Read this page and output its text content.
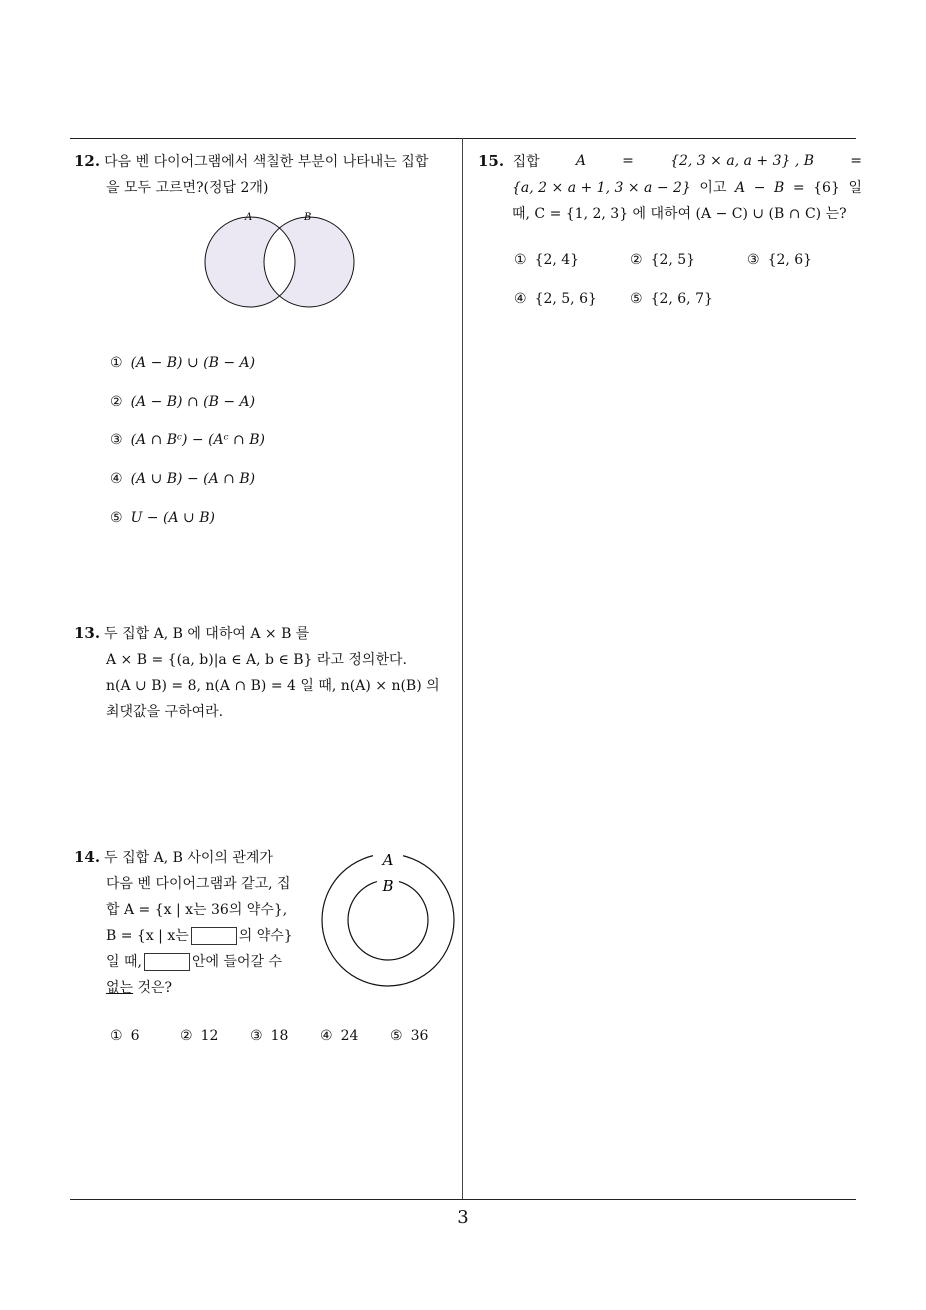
12. 다음 벤 다이어그램에서 색칠한 부분이 나타내는 집합
을 모두 고르면?(정답 2개)
A	B
① (A − B) ∪ (B − A)
② (A − B) ∩ (B − A)
③ (A ∩ Bᶜ) − (Aᶜ ∩ B)
④ (A ∪ B) − (A ∩ B)
⑤ U − (A ∪ B)
13. 두 집합 A, B 에 대하여 A × B 를
A × B = {(a, b)|a ∈ A, b ∈ B} 라고 정의한다.
n(A ∪ B) = 8, n(A ∩ B) = 4 일 때, n(A) × n(B) 의
최댓값을 구하여라.
14. 두 집합 A, B 사이의 관계가
다음 벤 다이어그램과 같고, 집
합 A = {x | x는 36의 약수},
B = {x | x는	의 약수}
일 때,	안에 들어갈 수
없는 것은?
A
B
① 6	② 12 ③ 18 ④ 24 ⑤ 36
15. 집합	A	=	{2, 3 × a, a + 3} , B	=
{a, 2 × a + 1, 3 × a − 2} 이고 A − B = {6} 일
때, C = {1, 2, 3} 에 대하여 (A − C) ∪ (B ∩ C) 는?
① {2, 4}	② {2, 5}	③ {2, 6}
④ {2, 5, 6} ⑤ {2, 6, 7}
3
